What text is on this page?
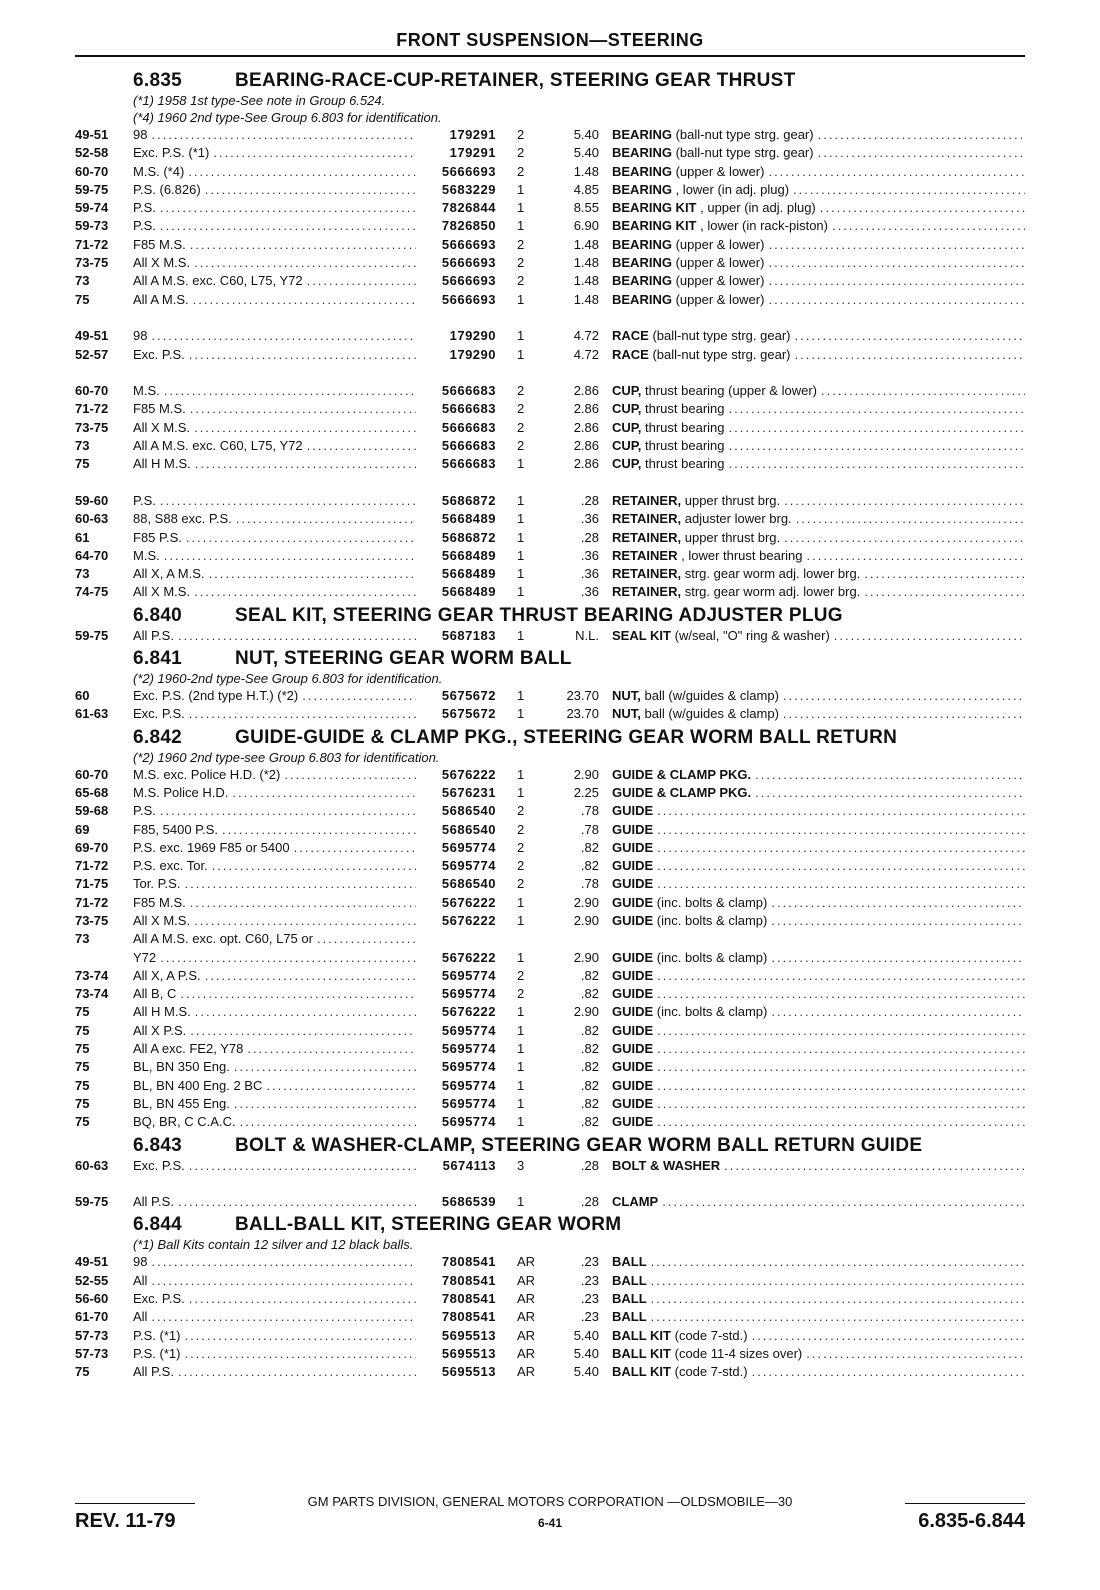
FRONT SUSPENSION—STEERING
6.835	BEARING-RACE-CUP-RETAINER, STEERING GEAR THRUST
(*1) 1958 1st type-See note in Group 6.524.
(*4) 1960 2nd type-See Group 6.803 for identification.
49-51	98 .....	179291	2	5.40 BEARING (ball-nut type strg. gear)
.....
52-58	Exc. P.S. (*1) .....	179291	2	5.40 BEARING (ball-nut type strg. gear)
.....
60-70	M.S. (*4) .....	5666693	2	1.48 BEARING (upper & lower)
.....
59-75	P.S. (6.826) .....	5683229	1	4.85 BEARING , lower (in adj. plug)
.....
59-74	P.S. .....	7826844	1	8.55 BEARING KIT , upper (in adj. plug)
.....
59-73	P.S. .....	7826850	1	6.90 BEARING KIT , lower (in rack-piston)
.....
71-72	F85 M.S. .....	5666693	2	1.48 BEARING (upper & lower)
.....
73-75	All X M.S. .....	5666693	2	1.48 BEARING (upper & lower)
.....
73	All A M.S. exc. C60, L75, Y72 .....	5666693	2	1.48 BEARING (upper & lower)
.....
75	All A M.S. .....	5666693	1	1.48 BEARING (upper & lower)
.....
49-51	98 .....	179290	1	4.72 RACE (ball-nut type strg. gear)
.....
52-57	Exc. P.S. .....	179290	1	4.72 RACE (ball-nut type strg. gear)
.....
60-70	M.S. .....	5666683	2	2.86 CUP, thrust bearing (upper & lower)
.....
71-72	F85 M.S. .....	5666683	2	2.86 CUP, thrust bearing
.....
73-75	All X M.S. .....	5666683	2	2.86 CUP, thrust bearing
.....
73	All A M.S. exc. C60, L75, Y72 .....	5666683	2	2.86 CUP, thrust bearing
.....
75	All H M.S. .....	5666683	1	2.86 CUP, thrust bearing
.....
59-60	P.S. .....	5686872	1	.28 RETAINER, upper thrust brg.
.....
60-63	88, S88 exc. P.S. .....	5668489	1	.36 RETAINER, adjuster lower brg.
.....
61	F85 P.S. .....	5686872	1	.28 RETAINER, upper thrust brg.
.....
64-70	M.S. .....	5668489	1	.36 RETAINER , lower thrust bearing
.....
73	All X, A M.S. .....	5668489	1	.36 RETAINER, strg. gear worm adj. lower brg.
.....
74-75	All X M.S. .....	5668489	1	.36 RETAINER, strg. gear worm adj. lower brg.
.....
6.840	SEAL KIT, STEERING GEAR THRUST BEARING ADJUSTER PLUG
59-75	All P.S. .....	5687183	1	N.L. SEAL KIT (w/seal, "O" ring & washer)
.....
6.841	NUT, STEERING GEAR WORM BALL
(*2) 1960-2nd type-See Group 6.803 for identification.
60	Exc. P.S. (2nd type H.T.) (*2) .....	5675672	1	23.70 NUT, ball (w/guides & clamp)
.....
61-63	Exc. P.S. .....	5675672	1	23.70 NUT, ball (w/guides & clamp)
.....
6.842	GUIDE-GUIDE & CLAMP PKG., STEERING GEAR WORM BALL RETURN
(*2) 1960 2nd type-see Group 6.803 for identification.
60-70	M.S. exc. Police H.D. (*2) .....	5676222	1	2.90 GUIDE & CLAMP PKG.
.....
65-68	M.S. Police H.D. .....	5676231	1	2.25 GUIDE & CLAMP PKG.
.....
59-68	P.S. .....	5686540	2	.78 GUIDE
.....
69	F85, 5400 P.S. .....	5686540	2	.78 GUIDE
.....
69-70	P.S. exc. 1969 F85 or 5400 .....	5695774	2	.82 GUIDE
.....
71-72	P.S. exc. Tor. .....	5695774	2	.82 GUIDE
.....
71-75	Tor. P.S. .....	5686540	2	.78 GUIDE
.....
71-72	F85 M.S. .....	5676222	1	2.90 GUIDE (inc. bolts & clamp)
.....
73-75	All X M.S. .....	5676222	1	2.90 GUIDE (inc. bolts & clamp)
.....
73	All A M.S. exc. opt. C60, L75 or
.....
Y72 .....	5676222	1	2.90 GUIDE (inc. bolts & clamp)
.....
73-74	All X, A P.S. .....	5695774	2	.82 GUIDE
.....
73-74	All B, C .....	5695774	2	.82 GUIDE
.....
75	All H M.S. .....	5676222	1	2.90 GUIDE (inc. bolts & clamp)
.....
75	All X P.S. .....	5695774	1	.82 GUIDE
.....
75	All A exc. FE2, Y78 .....	5695774	1	.82 GUIDE
.....
75	BL, BN 350 Eng. .....	5695774	1	.82 GUIDE
.....
75	BL, BN 400 Eng. 2 BC .....	5695774	1	.82 GUIDE
.....
75	BL, BN 455 Eng. .....	5695774	1	.82 GUIDE
.....
75	BQ, BR, C C.A.C. .....	5695774	1	.82 GUIDE
.....
6.843	BOLT & WASHER-CLAMP, STEERING GEAR WORM BALL RETURN GUIDE
60-63	Exc. P.S. .....	5674113	3	.28 BOLT & WASHER
.....
59-75	All P.S. .....	5686539	1	.28 CLAMP
.....
6.844	BALL-BALL KIT, STEERING GEAR WORM
(*1) Ball Kits contain 12 silver and 12 black balls.
49-51	98 .....	7808541	AR	.23 BALL
.....
52-55	All .....	7808541	AR	.23 BALL
.....
56-60	Exc. P.S. .....	7808541	AR	.23 BALL
.....
61-70	All .....	7808541	AR	.23 BALL
.....
57-73	P.S. (*1) .....	5695513	AR	5.40 BALL KIT (code 7-std.)
.....
57-73	P.S. (*1) .....	5695513	AR	5.40 BALL KIT (code 11-4 sizes over)
.....
75	All P.S. .....	5695513	AR	5.40 BALL KIT (code 7-std.)
.....
GM PARTS DIVISION, GENERAL MOTORS CORPORATION —OLDSMOBILE—30
REV. 11-79	6-41	6.835-6.844
